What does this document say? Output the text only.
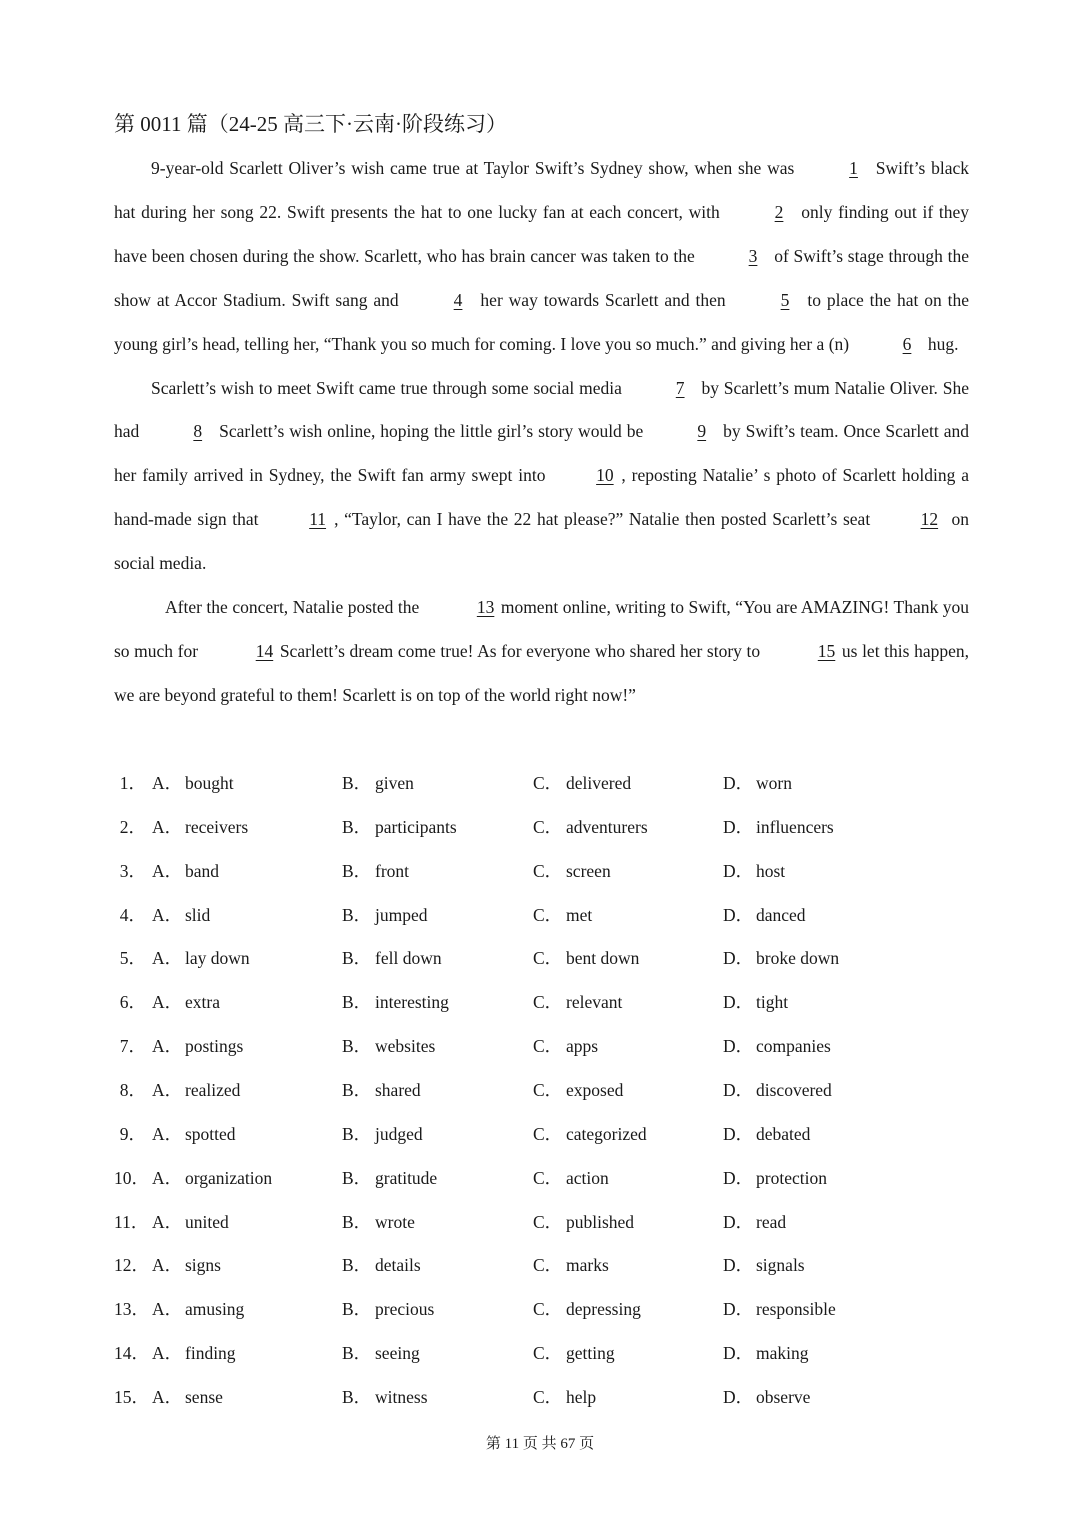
第 0011 篇（24-25 高三下·云南·阶段练习）

9-year-old Scarlett Oliver’s wish came true at Taylor Swift’s Sydney show, when she was	1 Swift’s black hat during her song 22. Swift presents the hat to one lucky fan at each concert, with	2 only finding out if they have been chosen during the show. Scarlett, who has brain cancer was taken to the	3 of Swift’s stage through the show at Accor Stadium. Swift sang and	4 her way towards Scarlett and then	5 to place the hat on the young girl’s head, telling her, “Thank you so much for coming. I love you so much.” and giving her a (n)	6 hug.

Scarlett’s wish to meet Swift came true through some social media	7 by Scarlett’s mum Natalie Oliver. She had	8 Scarlett’s wish online, hoping the little girl’s story would be	9 by Swift’s team. Once Scarlett and her family arrived in Sydney, the Swift fan army swept into	10 , reposting Natalie’ s photo of Scarlett holding a hand-made sign that	11 , “Taylor, can I have the 22 hat please?” Natalie then posted Scarlett’s seat	12 on social media.

After the concert, Natalie posted the	13 moment online, writing to Swift, “You are AMAZING! Thank you so much for	14 Scarlett’s dream come true! As for everyone who shared her story to	15 us let this happen, we are beyond grateful to them! Scarlett is on top of the world right now!”

1． A． bought	B． given	C． delivered	D． worn
2． A． receivers	B． participants	C． adventurers	D． influencers
3． A． band	B． front	C． screen	D． host
4． A． slid	B． jumped	C． met	D． danced
5． A． lay down	B． fell down	C． bent down	D． broke down
6． A． extra	B． interesting	C． relevant	D． tight
7． A． postings	B． websites	C． apps	D． companies
8． A． realized	B． shared	C． exposed	D． discovered
9． A． spotted	B． judged	C． categorized	D． debated
10． A． organization	B． gratitude	C． action	D． protection
11． A． united	B． wrote	C． published	D． read
12． A． signs	B． details	C． marks	D． signals
13． A． amusing	B． precious	C． depressing	D． responsible
14． A． finding	B． seeing	C． getting	D． making
15． A． sense	B． witness	C． help	D． observe
第 11 页 共 67 页
